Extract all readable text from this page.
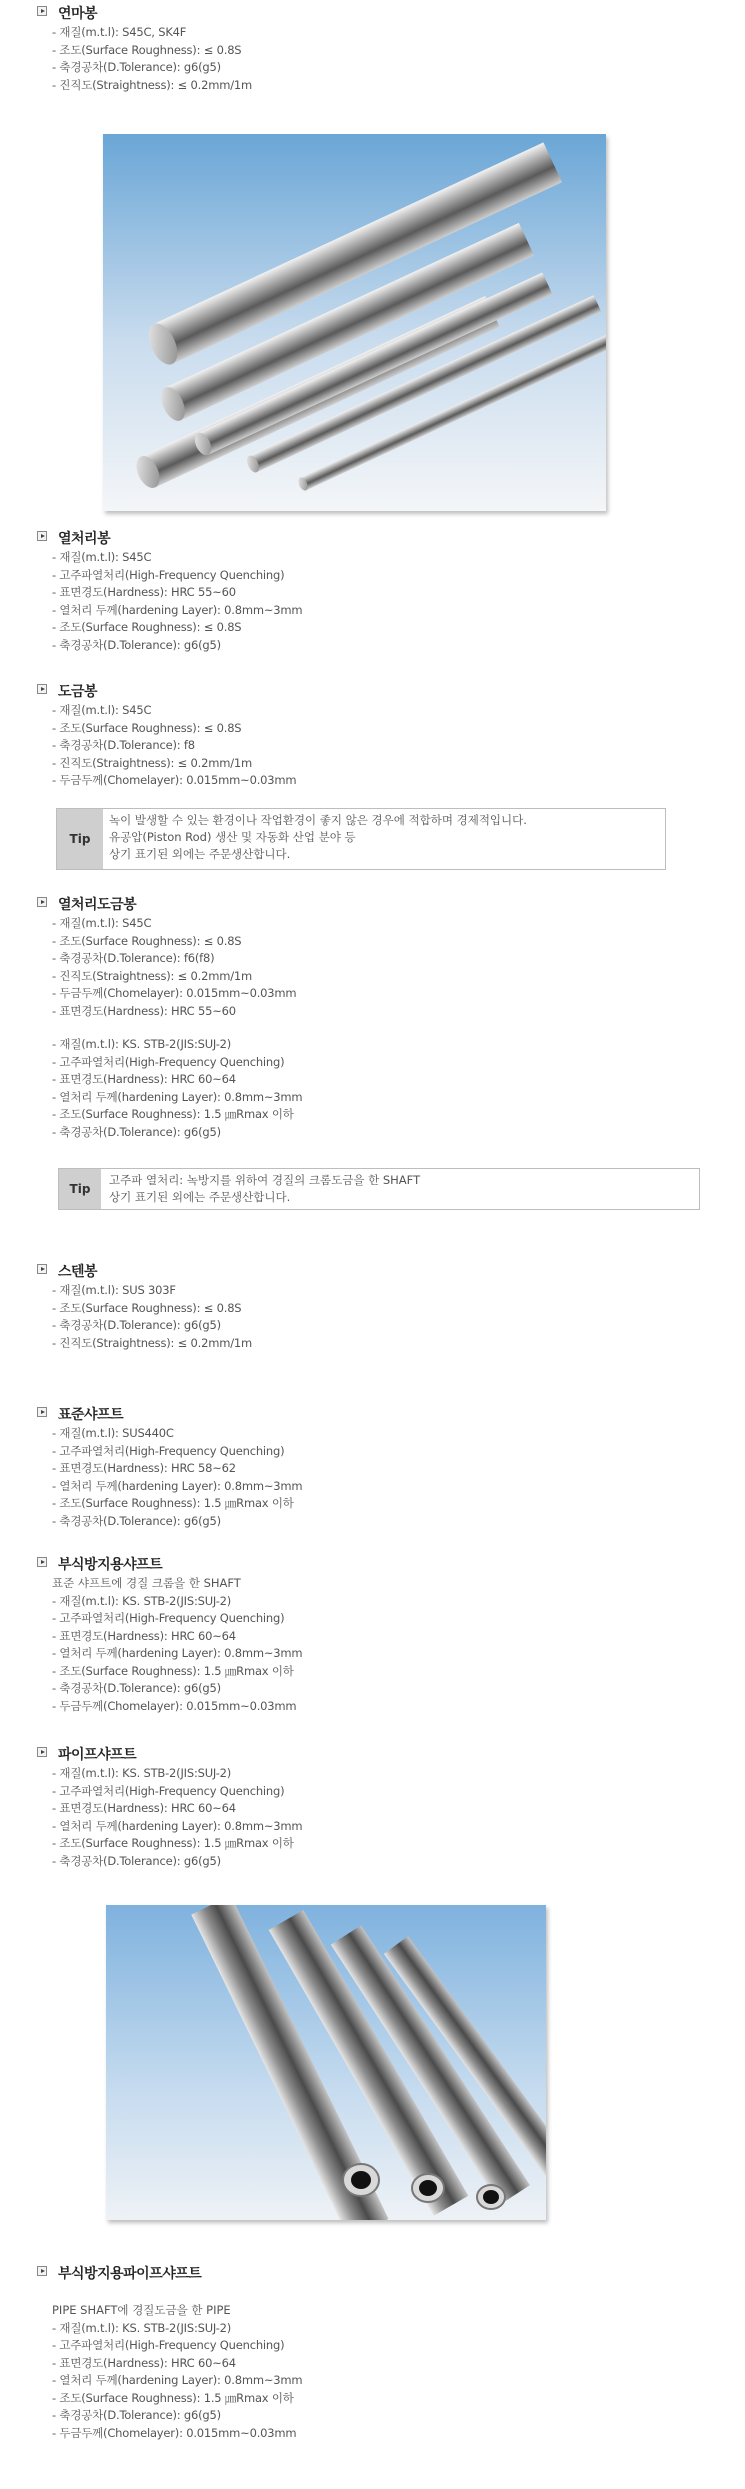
연마봉
- 재질(m.t.l): S45C, SK4F
- 조도(Surface Roughness): ≤ 0.8S
- 축경공차(D.Tolerance): g6(g5)
- 진직도(Straightness): ≤ 0.2mm/1m
열처리봉
- 재질(m.t.l): S45C
- 고주파열처리(High-Frequency Quenching)
- 표면경도(Hardness): HRC 55~60
- 열처리 두께(hardening Layer): 0.8mm~3mm
- 조도(Surface Roughness): ≤ 0.8S
- 축경공차(D.Tolerance): g6(g5)
도금봉
- 재질(m.t.l): S45C
- 조도(Surface Roughness): ≤ 0.8S
- 축경공차(D.Tolerance): f8
- 진직도(Straightness): ≤ 0.2mm/1m
- 두금두께(Chomelayer): 0.015mm~0.03mm
Tip
녹이 발생할 수 있는 환경이나 작업환경이 좋지 않은 경우에 적합하며 경제적입니다.
유공압(Piston Rod) 생산 및 자동화 산업 분야 등
상기 표기된 외에는 주문생산합니다.
열처리도금봉
- 재질(m.t.l): S45C
- 조도(Surface Roughness): ≤ 0.8S
- 축경공차(D.Tolerance): f6(f8)
- 진직도(Straightness): ≤ 0.2mm/1m
- 두금두께(Chomelayer): 0.015mm~0.03mm
- 표면경도(Hardness): HRC 55~60
- 재질(m.t.l): KS. STB-2(JIS:SUJ-2)
- 고주파열처리(High-Frequency Quenching)
- 표면경도(Hardness): HRC 60~64
- 열처리 두께(hardening Layer): 0.8mm~3mm
- 조도(Surface Roughness): 1.5 ㎛Rmax 이하
- 축경공차(D.Tolerance): g6(g5)
Tip
고주파 열처리: 녹방지를 위하여 경질의 크롬도금을 한 SHAFT
상기 표기된 외에는 주문생산합니다.
스텐봉
- 재질(m.t.l): SUS 303F
- 조도(Surface Roughness): ≤ 0.8S
- 축경공차(D.Tolerance): g6(g5)
- 진직도(Straightness): ≤ 0.2mm/1m
표준샤프트
- 재질(m.t.l): SUS440C
- 고주파열처리(High-Frequency Quenching)
- 표면경도(Hardness): HRC 58~62
- 열처리 두께(hardening Layer): 0.8mm~3mm
- 조도(Surface Roughness): 1.5 ㎛Rmax 이하
- 축경공차(D.Tolerance): g6(g5)
부식방지용샤프트
표준 샤프트에 경질 크롬을 한 SHAFT
- 재질(m.t.l): KS. STB-2(JIS:SUJ-2)
- 고주파열처리(High-Frequency Quenching)
- 표면경도(Hardness): HRC 60~64
- 열처리 두께(hardening Layer): 0.8mm~3mm
- 조도(Surface Roughness): 1.5 ㎛Rmax 이하
- 축경공차(D.Tolerance): g6(g5)
- 두금두께(Chomelayer): 0.015mm~0.03mm
파이프샤프트
- 재질(m.t.l): KS. STB-2(JIS:SUJ-2)
- 고주파열처리(High-Frequency Quenching)
- 표면경도(Hardness): HRC 60~64
- 열처리 두께(hardening Layer): 0.8mm~3mm
- 조도(Surface Roughness): 1.5 ㎛Rmax 이하
- 축경공차(D.Tolerance): g6(g5)
부식방지용파이프샤프트
PIPE SHAFT에 경질도금을 한 PIPE
- 재질(m.t.l): KS. STB-2(JIS:SUJ-2)
- 고주파열처리(High-Frequency Quenching)
- 표면경도(Hardness): HRC 60~64
- 열처리 두께(hardening Layer): 0.8mm~3mm
- 조도(Surface Roughness): 1.5 ㎛Rmax 이하
- 축경공차(D.Tolerance): g6(g5)
- 두금두께(Chomelayer): 0.015mm~0.03mm
